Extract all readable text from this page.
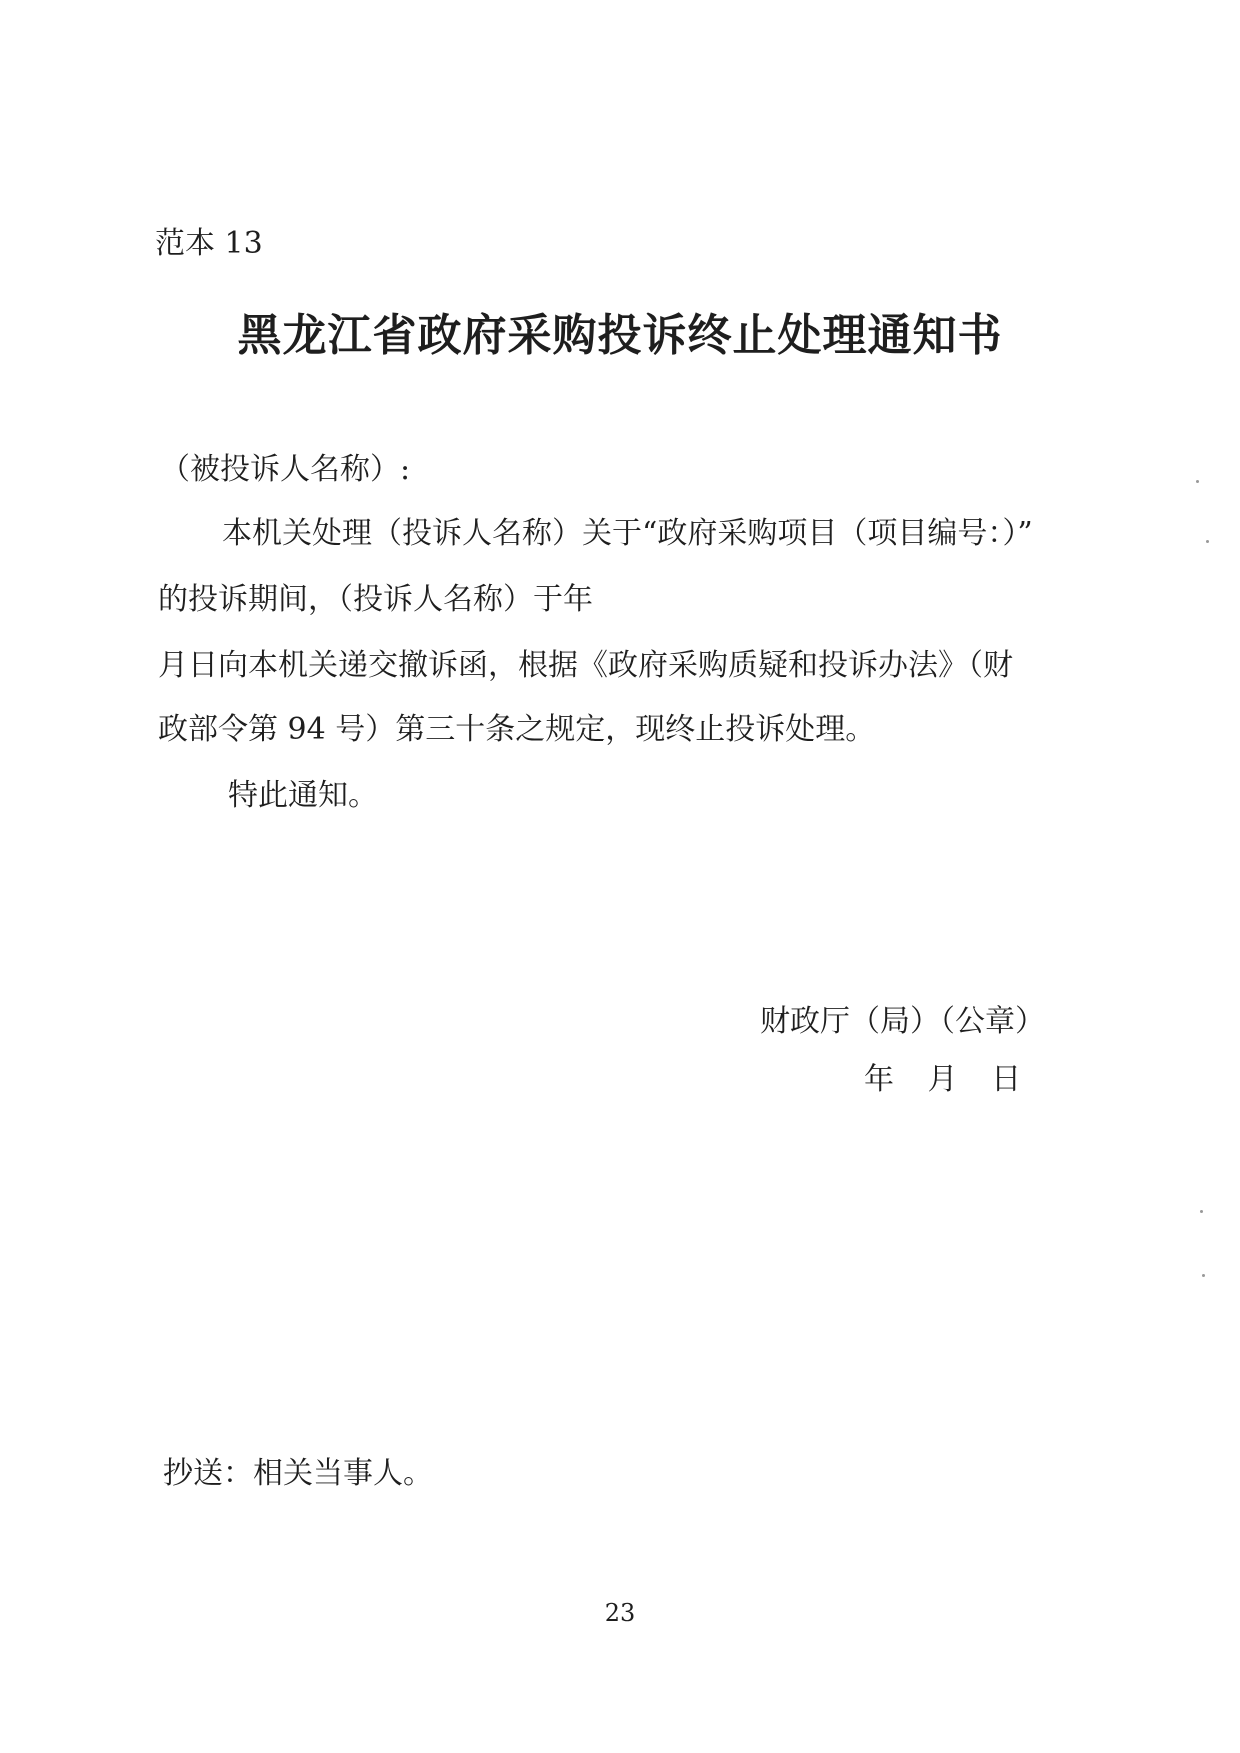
范本 13
黑龙江省政府采购投诉终止处理通知书
（被投诉人名称）:
本机关处理（投诉人名称）关于“政府采购项目（项目编号：）”
的投诉期间，（投诉人名称）于年
月日向本机关递交撤诉函，根据《政府采购质疑和投诉办法》（财
政部令第 94 号）第三十条之规定，现终止投诉处理。
特此通知。
财政厅（局）（公章）
年 月 日
抄送：相关当事人。
23
